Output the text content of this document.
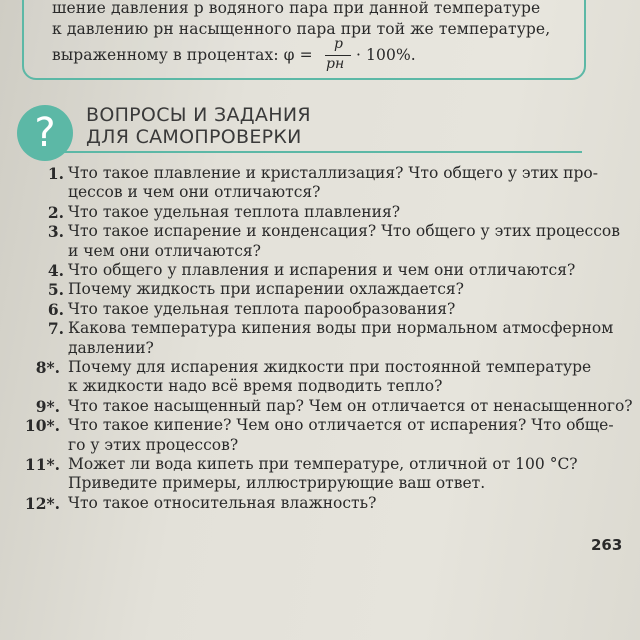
шение давления p водяного пара при данной температуре
к давлению pн насыщенного пара при той же температуре,
выраженному в процентах: φ =
p
pн · 100%.
?	ВОПРОСЫ И ЗАДАНИЯ
ДЛЯ САМОПРОВЕРКИ
1. Что такое плавление и кристаллизация? Что общего у этих про-
цессов и чем они отличаются?
2. Что такое удельная теплота плавления?
3. Что такое испарение и конденсация? Что общего у этих процессов
и чем они отличаются?
4. Что общего у плавления и испарения и чем они отличаются?
5. Почему жидкость при испарении охлаждается?
6. Что такое удельная теплота парообразования?
7. Какова температура кипения воды при нормальном атмосферном
давлении?
8*. Почему для испарения жидкости при постоянной температуре
к жидкости надо всё время подводить тепло?
9*. Что такое насыщенный пар? Чем он отличается от ненасыщенного?
10*. Что такое кипение? Чем оно отличается от испарения? Что обще-
го у этих процессов?
11*. Может ли вода кипеть при температуре, отличной от 100 °С?
Приведите примеры, иллюстрирующие ваш ответ.
12*. Что такое относительная влажность?
263
